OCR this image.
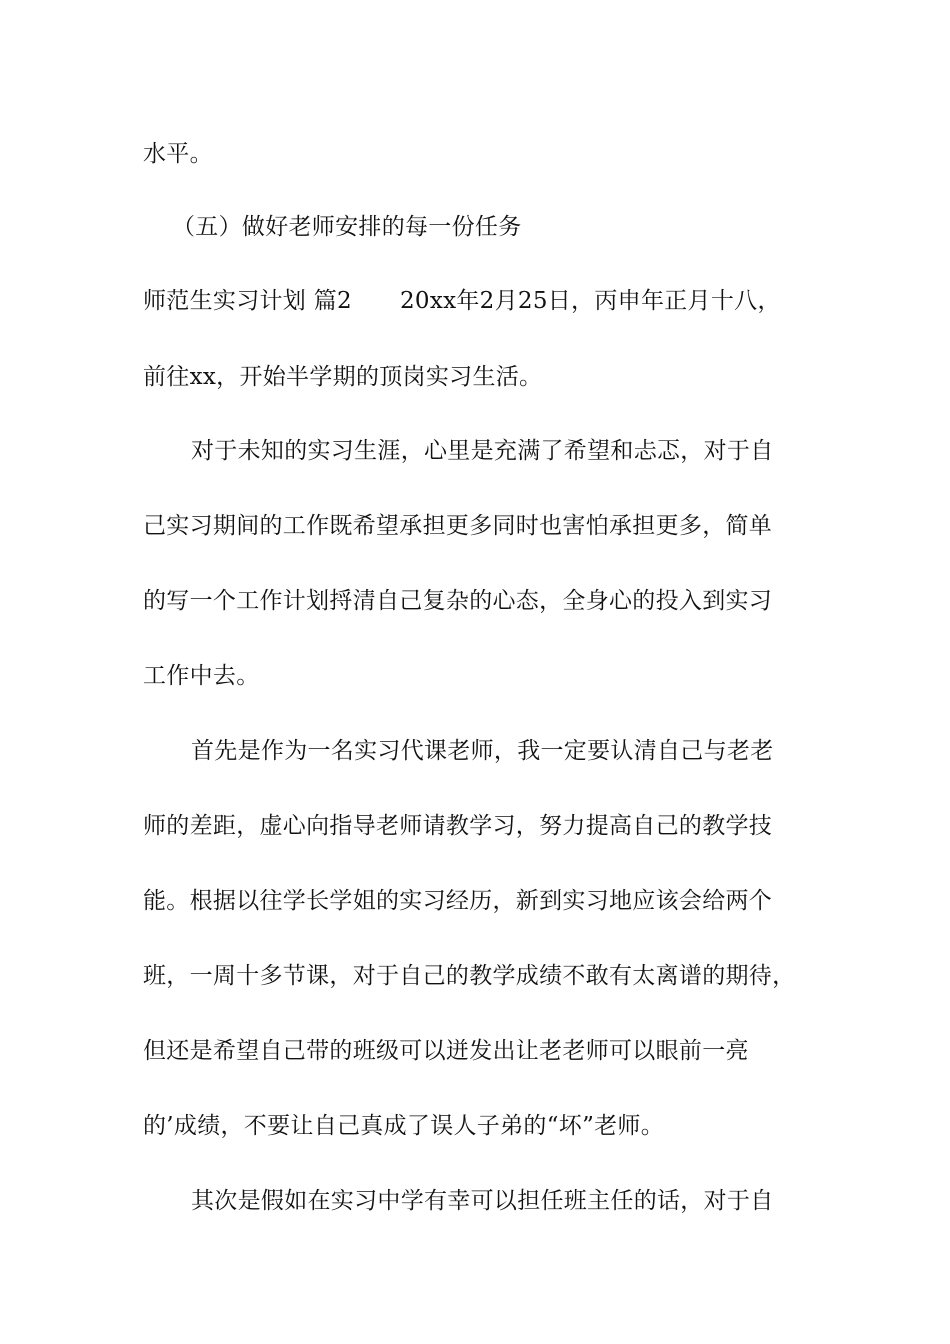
水平。
（五）做好老师安排的每一份任务
师范生实习计划 篇2 20xx年2月25日，丙申年正月十八，
前往xx，开始半学期的顶岗实习生活。
对于未知的实习生涯，心里是充满了希望和忐忑，对于自
己实习期间的工作既希望承担更多同时也害怕承担更多，简单
的写一个工作计划捋清自己复杂的心态，全身心的投入到实习
工作中去。
首先是作为一名实习代课老师，我一定要认清自己与老老
师的差距，虚心向指导老师请教学习，努力提高自己的教学技
能。根据以往学长学姐的实习经历，新到实习地应该会给两个
班，一周十多节课，对于自己的教学成绩不敢有太离谱的期待，
但还是希望自己带的班级可以迸发出让老老师可以眼前一亮
的’成绩，不要让自己真成了误人子弟的“坏”老师。
其次是假如在实习中学有幸可以担任班主任的话，对于自
